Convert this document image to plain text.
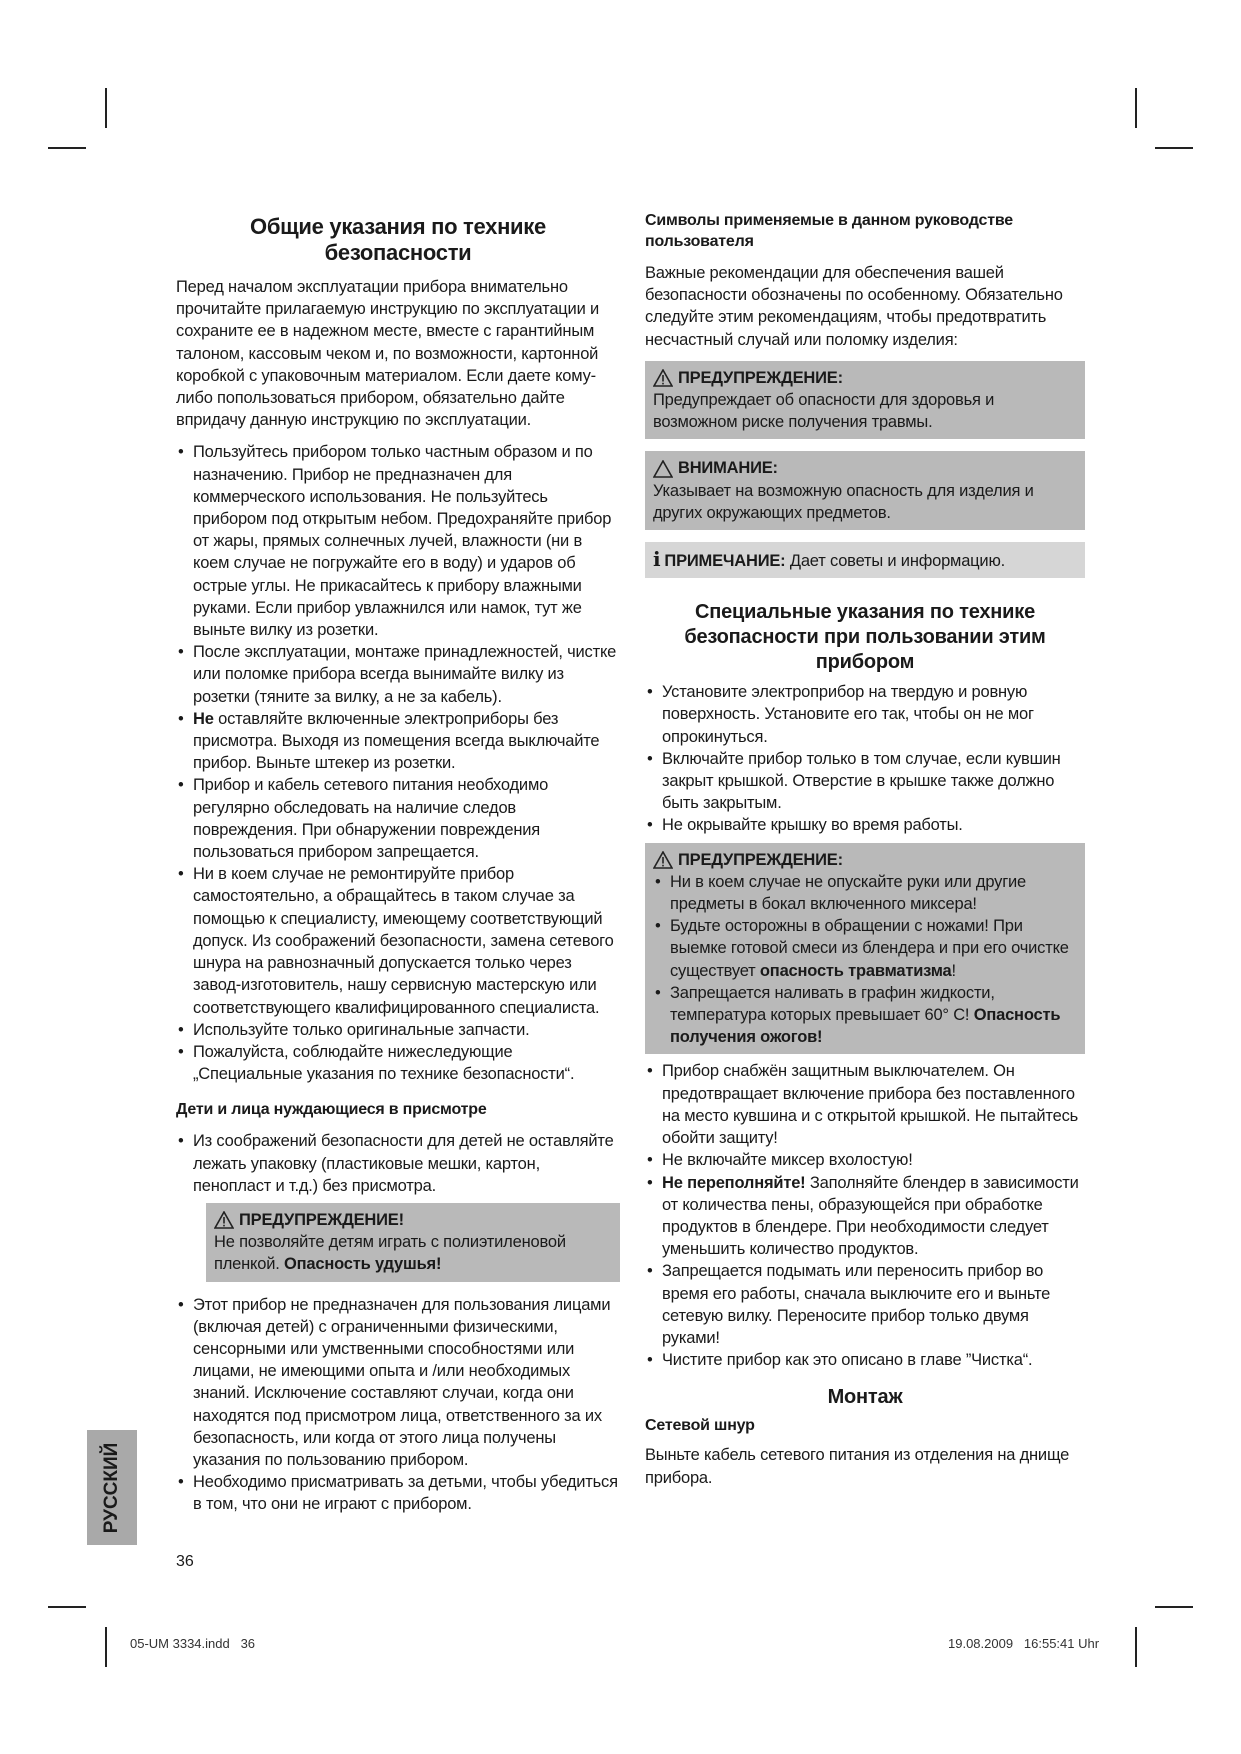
Общие указания по технике безопасности

Перед началом эксплуатации прибора внимательно прочитайте прилагаемую инструкцию по эксплуатации и сохраните ее в надежном месте, вместе с гарантийным талоном, кассовым чеком и, по возможности, картонной коробкой с упаковочным материалом. Если даете кому-либо попользоваться прибором, обязательно дайте впридачу данную инструкцию по эксплуатации.

• Пользуйтесь прибором только частным образом и по назначению. Прибор не предназначен для коммерческого использования. Не пользуйтесь прибором под открытым небом. Предохраняйте прибор от жары, прямых солнечных лучей, влажности (ни в коем случае не погружайте его в воду) и ударов об острые углы. Не прикасайтесь к прибору влажными руками. Если прибор увлажнился или намок, тут же выньте вилку из розетки.
• После эксплуатации, монтаже принадлежностей, чистке или поломке прибора всегда вынимайте вилку из розетки (тяните за вилку, а не за кабель).
• Не оставляйте включенные электроприборы без присмотра. Выходя из помещения всегда выключайте прибор. Выньте штекер из розетки.
• Прибор и кабель сетевого питания необходимо регулярно обследовать на наличие следов повреждения. При обнаружении повреждения пользоваться прибором запрещается.
• Ни в коем случае не ремонтируйте прибор самостоятельно, а обращайтесь в таком случае за помощью к специалисту, имеющему соответствующий допуск. Из соображений безопасности, замена сетевого шнура на равнозначный допускается только через завод-изготовитель, нашу сервисную мастерскую или соответствующего квалифицированного специалиста.
• Используйте только оригинальные запчасти.
• Пожалуйста, соблюдайте нижеследующие „Специальные указания по технике безопасности“.
Дети и лица нуждающиеся в присмотре
• Из соображений безопасности для детей не оставляйте лежать упаковку (пластиковые мешки, картон, пенопласт и т.д.) без присмотра.
ПРЕДУПРЕЖДЕНИЕ!
Не позволяйте детям играть с полиэтиленовой пленкой. Опасность удушья!
• Этот прибор не предназначен для пользования лицами (включая детей) с ограниченными физическими, сенсорными или умственными способностями или лицами, не имеющими опыта и /или необходимых знаний. Исключение составляют случаи, когда они находятся под присмотром лица, ответственного за их безопасность, или когда от этого лица получены указания по пользованию прибором.
• Необходимо присматривать за детьми, чтобы убедиться в том, что они не играют с прибором.
Символы применяемые в данном руководстве пользователя

Важные рекомендации для обеспечения вашей безопасности обозначены по особенному. Обязательно следуйте этим рекомендациям, чтобы предотвратить несчастный случай или поломку изделия:

ПРЕДУПРЕЖДЕНИЕ:
Предупреждает об опасности для здоровья и возможном риске получения травмы.
ВНИМАНИЕ:
Указывает на возможную опасность для изделия и других окружающих предметов.
i ПРИМЕЧАНИЕ: Дает советы и информацию.
Специальные указания по технике безопасности при пользовании этим прибором
• Установите электроприбор на твердую и ровную поверхность. Установите его так, чтобы он не мог опрокинуться.
• Включайте прибор только в том случае, если кувшин закрыт крышкой. Отверстие в крышке также должно быть закрытым.
• Не окрывайте крышку во время работы.
ПРЕДУПРЕЖДЕНИЕ:
• Ни в коем случае не опускайте руки или другие предметы в бокал включенного миксера!
• Будьте осторожны в обращении с ножами! При выемке готовой смеси из блендера и при его очистке существует опасность травматизма!
• Запрещается наливать в графин жидкости, температура которых превышает 60° С! Опасность получения ожогов!
• Прибор снабжён защитным выключателем. Он предотвращает включение прибора без поставленного на место кувшина и с открытой крышкой. Не пытайтесь обойти защиту!
• Не включайте миксер вхолостую!
• Не переполняйте! Заполняйте блендер в зависимости от количества пены, образующейся при обработке продуктов в блендере. При необходимости следует уменьшить количество продуктов.
• Запрещается подымать или переносить прибор во время его работы, сначала выключите его и выньте сетевую вилку. Переносите прибор только двумя руками!
• Чистите прибор как это описано в главе ”Чистка“.
Монтаж
Сетевой шнур

Выньте кабель сетевого питания из отделения на днище прибора.

РУССКИЙ
36
05-UM 3334.indd   36	19.08.2009   16:55:41 Uhr
